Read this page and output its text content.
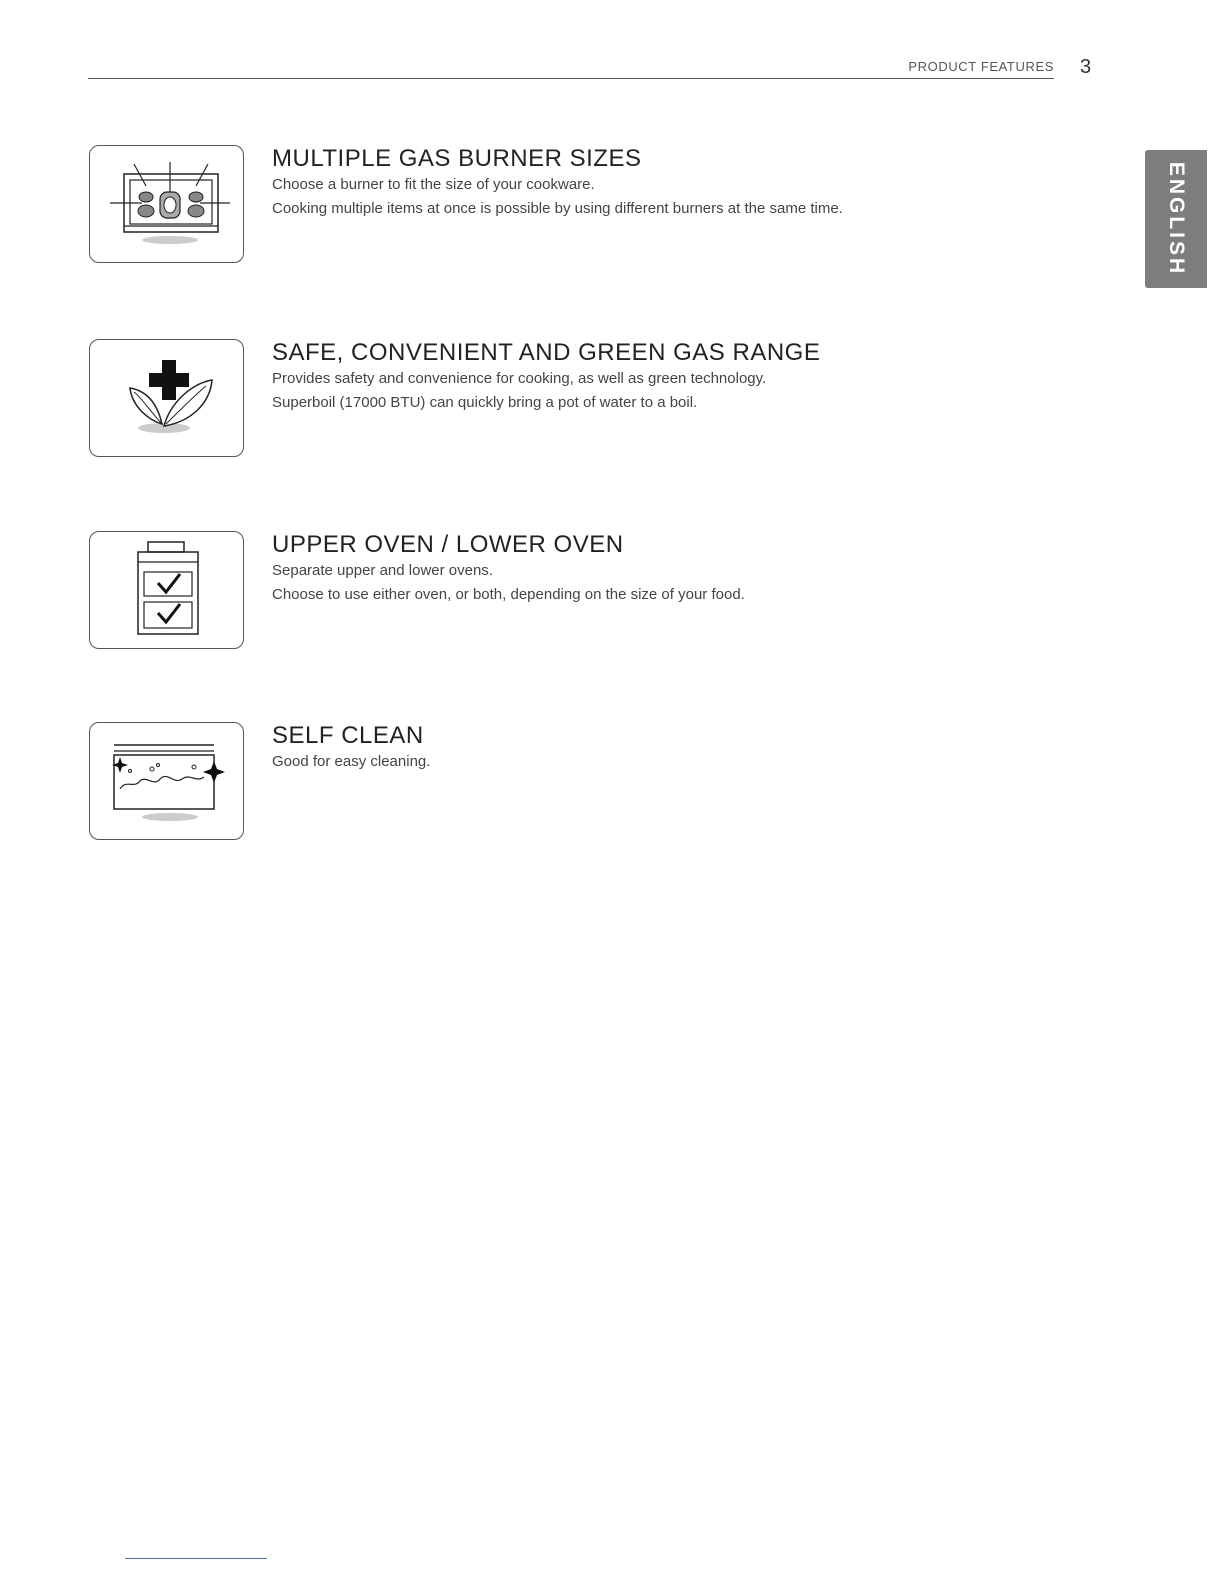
PRODUCT FEATURES 3
ENGLISH
MULTIPLE GAS BURNER SIZES
Choose a burner to fit the size of your cookware.
Cooking multiple items at once is possible by using different burners at the same time.
SAFE, CONVENIENT AND GREEN GAS RANGE
Provides safety and convenience for cooking, as well as green technology.
Superboil (17000 BTU) can quickly bring a pot of water to a boil.
UPPER OVEN / LOWER OVEN
Separate upper and lower ovens.
Choose to use either oven, or both, depending on the size of your food.
SELF CLEAN
Good for easy cleaning.
